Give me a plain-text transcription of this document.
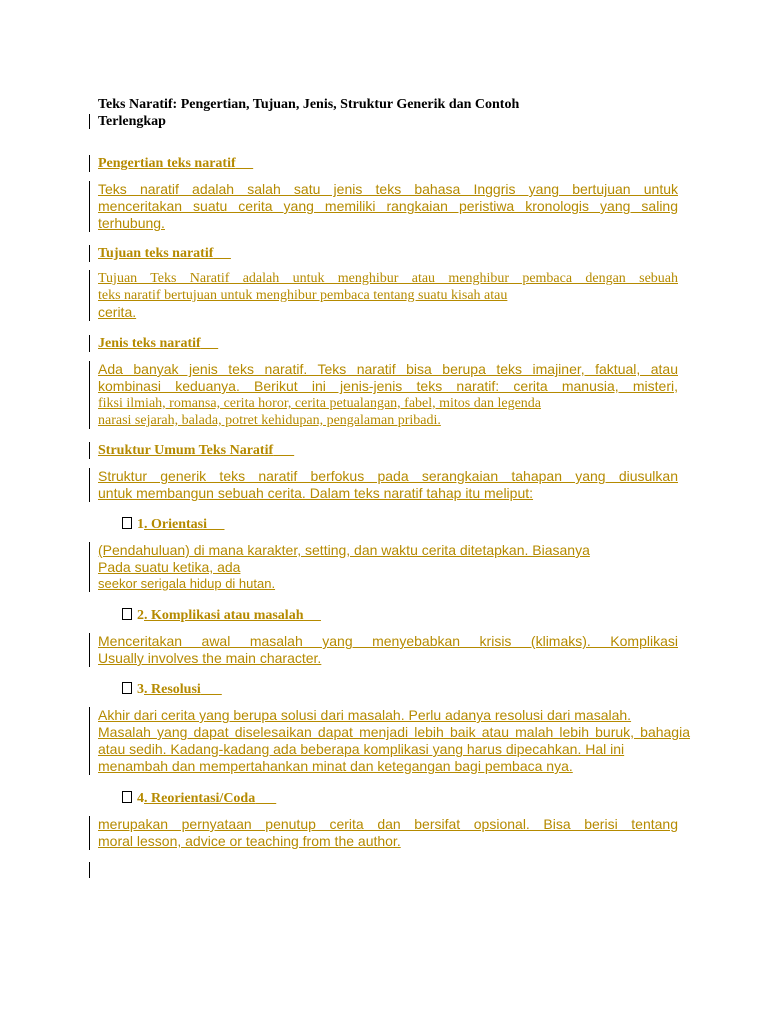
Teks Naratif: Pengertian, Tujuan, Jenis, Struktur Generik dan Contoh
Terlengkap
Pengertian teks naratif
Teks naratif adalah salah satu jenis teks bahasa Inggris yang bertujuan untuk
menceritakan suatu cerita yang memiliki rangkaian peristiwa kronologis yang saling
terhubung.
Tujuan teks naratif
Tujuan Teks Naratif adalah untuk menghibur atau menghibur pembaca dengan sebuah
teks naratif bertujuan untuk menghibur pembaca tentang suatu kisah atau
cerita.
Jenis teks naratif
Ada banyak jenis teks naratif. Teks naratif bisa berupa teks imajiner, faktual, atau
kombinasi keduanya. Berikut ini jenis-jenis teks naratif: cerita manusia, misteri,
fiksi ilmiah, romansa, cerita horor, cerita petualangan, fabel, mitos dan legenda
narasi sejarah, balada, potret kehidupan, pengalaman pribadi.
Struktur Umum Teks Naratif
Struktur generik teks naratif berfokus pada serangkaian tahapan yang diusulkan
untuk membangun sebuah cerita. Dalam teks naratif tahap itu meliput:
1. Orientasi
(Pendahuluan) di mana karakter, setting, dan waktu cerita ditetapkan. Biasanya
Pada suatu ketika, ada
seekor serigala hidup di hutan.
2. Komplikasi atau masalah
Menceritakan awal masalah yang menyebabkan krisis (klimaks). Komplikasi
Usually involves the main character.
3. Resolusi
Akhir dari cerita yang berupa solusi dari masalah. Perlu adanya resolusi dari masalah.
Masalah yang dapat diselesaikan dapat menjadi lebih baik atau malah lebih buruk, bahagia
atau sedih. Kadang-kadang ada beberapa komplikasi yang harus dipecahkan. Hal ini
menambah dan mempertahankan minat dan ketegangan bagi pembaca nya.
4. Reorientasi/Coda
merupakan pernyataan penutup cerita dan bersifat opsional. Bisa berisi tentang
moral lesson, advice or teaching from the author.
